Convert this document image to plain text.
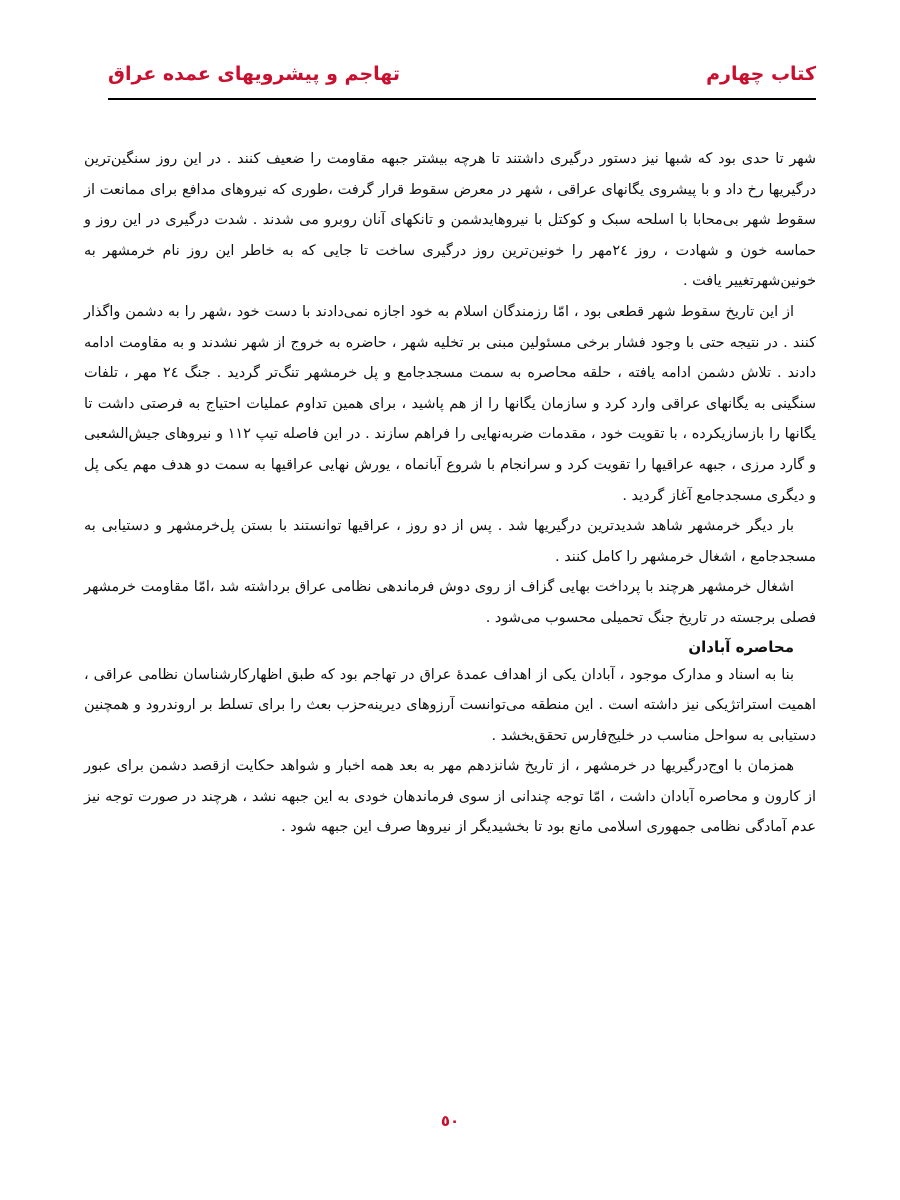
کتاب چهارم
تهاجم و پیشرویهای عمده عراق

شهر تا حدی بود که شبها نیز دستور درگیری داشتند تا هرچه بیشتر جبهه مقاومت را ضعیف کنند . در این روز سنگین‌ترین درگیریها رخ داد و با پیشروی یگانهای عراقی ، شهر در معرض سقوط قرار گرفت ،طوری که نیروهای مدافع برای ممانعت از سقوط شهر بی‌محابا با اسلحه سبک و کوکتل با نیروهایدشمن و تانکهای آنان روبرو می شدند . شدت درگیری در این روز و حماسه خون و شهادت ، روز ٢٤مهر را خونین‌ترین روز درگیری ساخت تا جایی که به خاطر این روز نام خرمشهر به خونین‌شهرتغییر یافت .

از این تاریخ سقوط شهر قطعی بود ، امّا رزمندگان اسلام به خود اجازه نمی‌دادند با دست خود ،شهر را به دشمن واگذار کنند . در نتیجه حتی با وجود فشار برخی مسئولین مبنی بر تخلیه شهر ، حاضره به خروج از شهر نشدند و به مقاومت ادامه دادند . تلاش دشمن ادامه یافته ، حلقه محاصره به سمت مسجدجامع و پل خرمشهر تنگ‌تر گردید . جنگ ٢٤ مهر ، تلفات سنگینی به یگانهای عراقی وارد کرد و سازمان یگانها را از هم پاشید ، برای همین تداوم عملیات احتیاج به فرصتی داشت تا یگانها را بازسازیکرده ، با تقویت خود ، مقدمات ضربه‌نهایی را فراهم سازند . در این فاصله تیپ ١١٢ و نیروهای جیش‌الشعبی و گارد مرزی ، جبهه عراقیها را تقویت کرد و سرانجام با شروع آبانماه ، یورش نهایی عراقیها به سمت دو هدف مهم یکی پل و دیگری مسجدجامع آغاز گردید .

بار دیگر خرمشهر شاهد شدیدترین درگیریها شد . پس از دو روز ، عراقیها توانستند با بستن پل‌خرمشهر و دستیابی به مسجدجامع ، اشغال خرمشهر را کامل کنند .

اشغال خرمشهر هرچند با پرداخت بهایی گزاف از روی دوش فرماندهی نظامی عراق برداشته شد ،امّا مقاومت خرمشهر فصلی برجسته در تاریخ جنگ تحمیلی محسوب می‌شود .

محاصره آبادان

بنا به اسناد و مدارک موجود ، آبادان یکی از اهداف عمدهٔ عراق در تهاجم بود که طبق اظهارکارشناسان نظامی عراقی ، اهمیت استراتژیکی نیز داشته است . این منطقه می‌توانست آرزوهای دیرینه‌حزب بعث را برای تسلط بر اروندرود و همچنین دستیابی به سواحل مناسب در خلیج‌فارس تحقق‌بخشد .

همزمان با اوج‌درگیریها در خرمشهر ، از تاریخ شانزدهم مهر به بعد همه اخبار و شواهد حکایت ازقصد دشمن برای عبور از کارون و محاصره آبادان داشت ، امّا توجه چندانی از سوی فرماندهان خودی به این جبهه نشد ، هرچند در صورت توجه نیز عدم آمادگی نظامی جمهوری اسلامی مانع بود تا بخشیدیگر از نیروها صرف این جبهه شود .

٥٠
